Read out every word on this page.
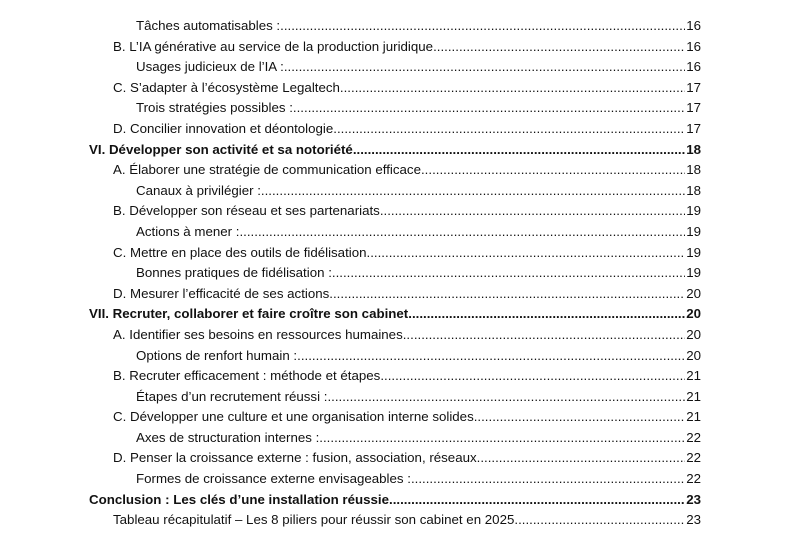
Tâches automatisables : .....	16
B. L’IA générative au service de la production juridique .....	16
Usages judicieux de l’IA : .....	16
C. S’adapter à l’écosystème Legaltech .....	17
Trois stratégies possibles : .....	17
D. Concilier innovation et déontologie .....	17
VI. Développer son activité et sa notoriété .....	18
A. Élaborer une stratégie de communication efficace .....	18
Canaux à privilégier : .....	18
B. Développer son réseau et ses partenariats .....	19
Actions à mener : .....	19
C. Mettre en place des outils de fidélisation .....	19
Bonnes pratiques de fidélisation : .....	19
D. Mesurer l’efficacité de ses actions .....	20
VII. Recruter, collaborer et faire croître son cabinet .....	20
A. Identifier ses besoins en ressources humaines .....	20
Options de renfort humain : .....	20
B. Recruter efficacement : méthode et étapes .....	21
Étapes d’un recrutement réussi : .....	21
C. Développer une culture et une organisation interne solides .....	21
Axes de structuration internes : .....	22
D. Penser la croissance externe : fusion, association, réseaux .....	22
Formes de croissance externe envisageables : .....	22
Conclusion : Les clés d’une installation réussie .....	23
Tableau récapitulatif – Les 8 piliers pour réussir son cabinet en 2025 .....	23
